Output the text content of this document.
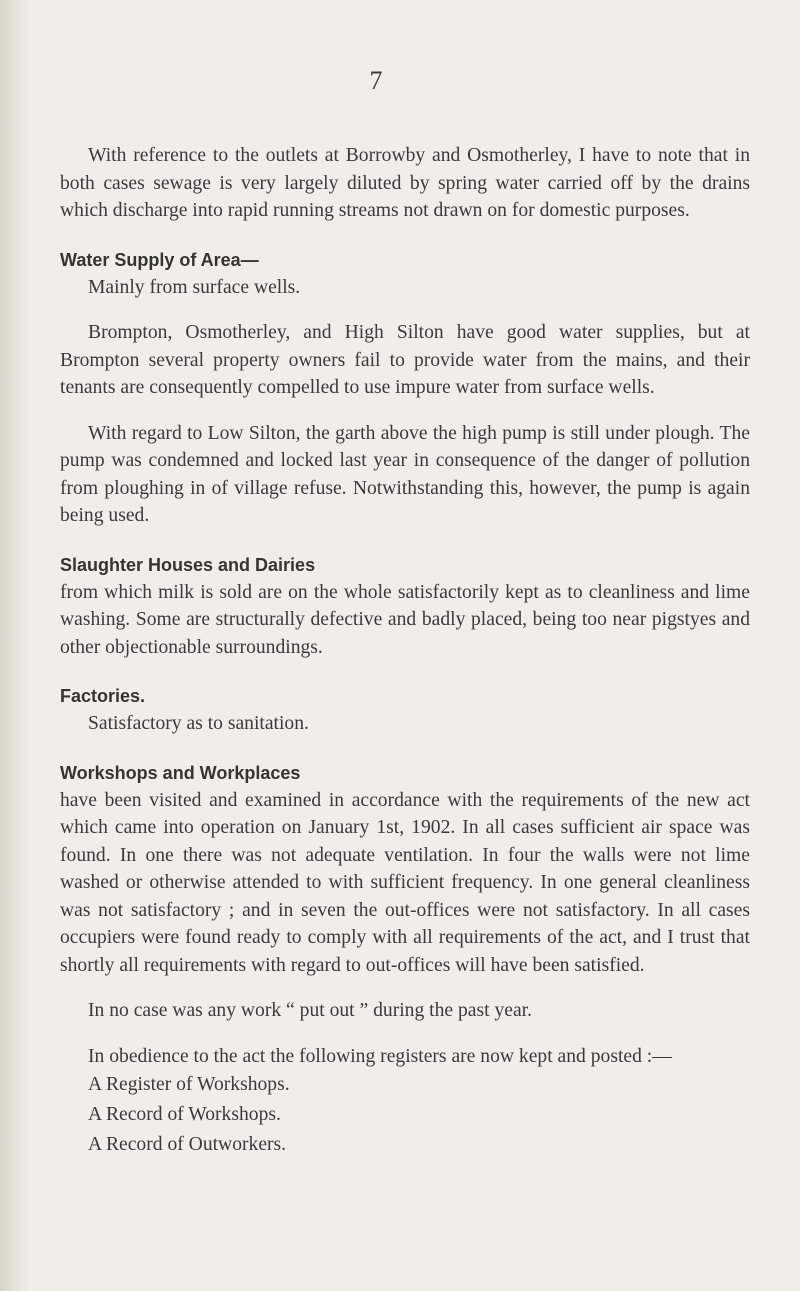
7

With reference to the outlets at Borrowby and Osmotherley, I have to note that in both cases sewage is very largely diluted by spring water carried off by the drains which discharge into rapid running streams not drawn on for domestic purposes.

Water Supply of Area—

Mainly from surface wells.

Brompton, Osmotherley, and High Silton have good water supplies, but at Brompton several property owners fail to provide water from the mains, and their tenants are consequently compelled to use impure water from surface wells.

With regard to Low Silton, the garth above the high pump is still under plough. The pump was condemned and locked last year in consequence of the danger of pollution from ploughing in of village refuse. Notwithstanding this, however, the pump is again being used.

Slaughter Houses and Dairies

from which milk is sold are on the whole satisfactorily kept as to cleanliness and lime washing. Some are structurally defective and badly placed, being too near pigstyes and other objectionable surroundings.

Factories.

Satisfactory as to sanitation.

Workshops and Workplaces

have been visited and examined in accordance with the requirements of the new act which came into operation on January 1st, 1902. In all cases sufficient air space was found. In one there was not adequate ventilation. In four the walls were not lime washed or otherwise attended to with sufficient frequency. In one general cleanliness was not satisfactory ; and in seven the out-offices were not satisfactory. In all cases occupiers were found ready to comply with all requirements of the act, and I trust that shortly all requirements with regard to out-offices will have been satisfied.

In no case was any work “ put out ” during the past year.

In obedience to the act the following registers are now kept and posted :—

A Register of Workshops.
A Record of Workshops.
A Record of Outworkers.
